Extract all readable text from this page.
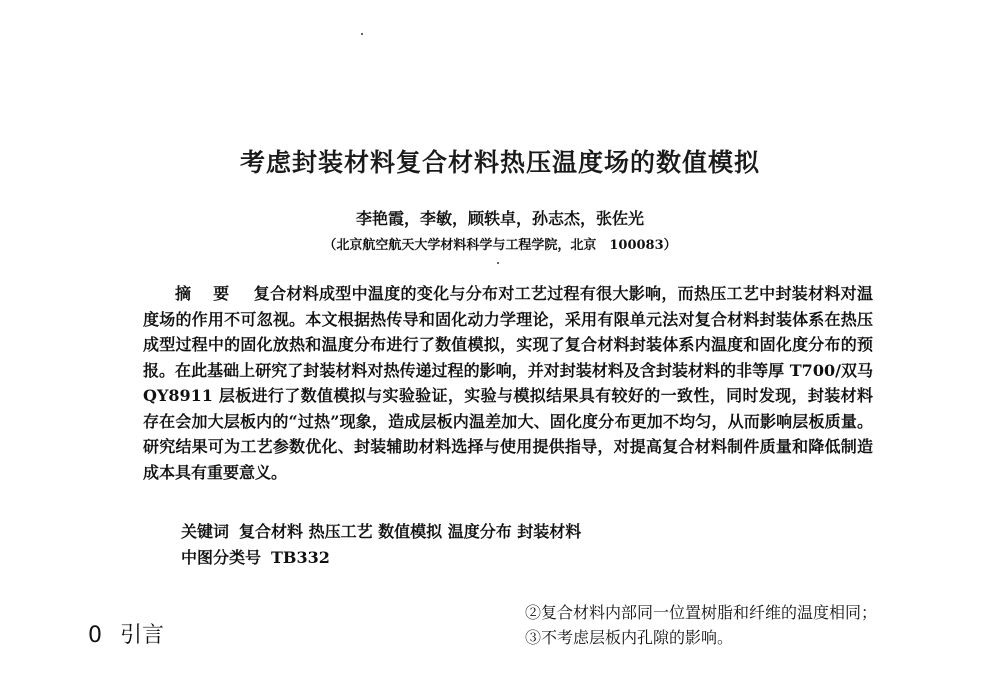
考虑封装材料复合材料热压温度场的数值模拟
李艳霞，李敏，顾轶卓，孙志杰，张佐光
（北京航空航天大学材料科学与工程学院，北京　100083）

摘 要　 复合材料成型中温度的变化与分布对工艺过程有很大影响，而热压工艺中封装材料对温度场的作用不可忽视。本文根据热传导和固化动力学理论，采用有限单元法对复合材料封装体系在热压成型过程中的固化放热和温度分布进行了数值模拟，实现了复合材料封装体系内温度和固化度分布的预报。在此基础上研究了封装材料对热传递过程的影响，并对封装材料及含封装材料的非等厚 T700/双马 QY8911 层板进行了数值模拟与实验验证，实验与模拟结果具有较好的一致性，同时发现，封装材料存在会加大层板内的“过热”现象，造成层板内温差加大、固化度分布更加不均匀，从而影响层板质量。研究结果可为工艺参数优化、封装辅助材料选择与使用提供指导，对提高复合材料制件质量和降低制造成本具有重要意义。

关键词 复合材料 热压工艺 数值模拟 温度分布 封装材料
中图分类号 TB332
0 引言
②复合材料内部同一位置树脂和纤维的温度相同；
③不考虑层板内孔隙的影响。
